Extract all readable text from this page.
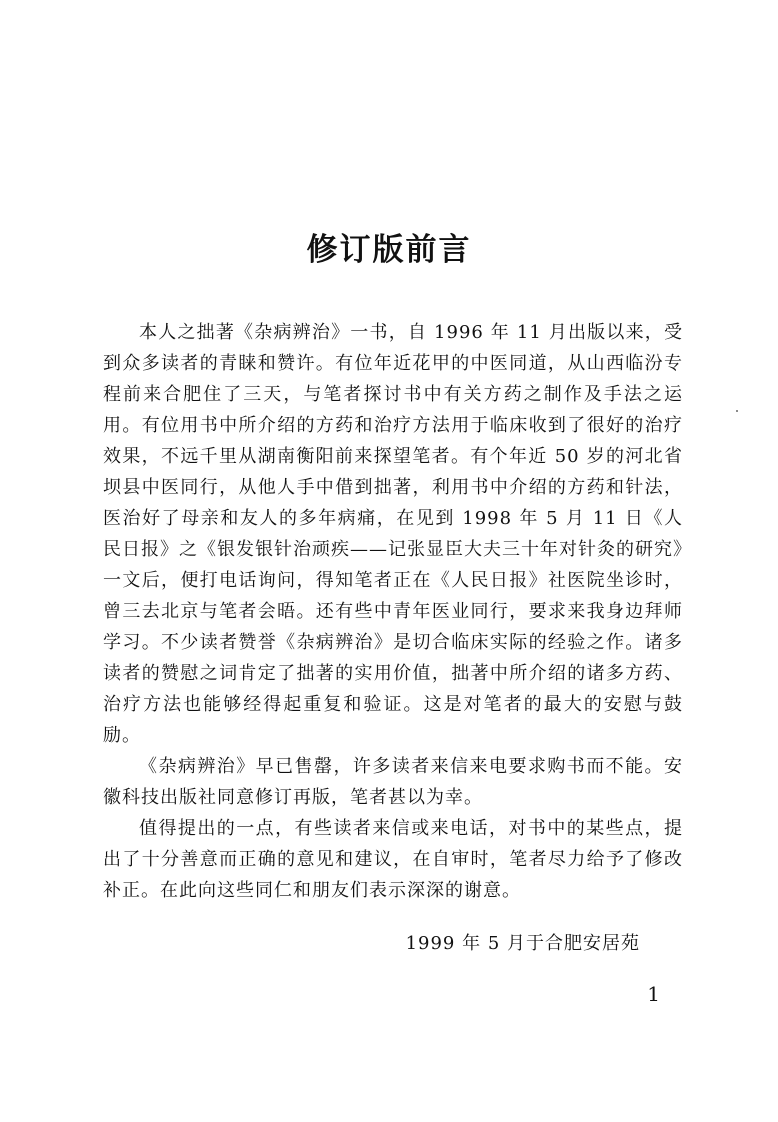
修订版前言

本人之拙著《杂病辨治》一书，自 1996 年 11 月出版以来，受到众多读者的青睐和赞许。有位年近花甲的中医同道，从山西临汾专程前来合肥住了三天，与笔者探讨书中有关方药之制作及手法之运用。有位用书中所介绍的方药和治疗方法用于临床收到了很好的治疗效果，不远千里从湖南衡阳前来探望笔者。有个年近 50 岁的河北省坝县中医同行，从他人手中借到拙著，利用书中介绍的方药和针法，医治好了母亲和友人的多年病痛，在见到 1998 年 5 月 11 日《人民日报》之《银发银针治顽疾——记张显臣大夫三十年对针灸的研究》一文后，便打电话询问，得知笔者正在《人民日报》社医院坐诊时，曾三去北京与笔者会晤。还有些中青年医业同行，要求来我身边拜师学习。不少读者赞誉《杂病辨治》是切合临床实际的经验之作。诸多读者的赞慰之词肯定了拙著的实用价值，拙著中所介绍的诸多方药、治疗方法也能够经得起重复和验证。这是对笔者的最大的安慰与鼓励。

《杂病辨治》早已售罄，许多读者来信来电要求购书而不能。安徽科技出版社同意修订再版，笔者甚以为幸。

值得提出的一点，有些读者来信或来电话，对书中的某些点，提出了十分善意而正确的意见和建议，在自审时，笔者尽力给予了修改补正。在此向这些同仁和朋友们表示深深的谢意。

1999 年 5 月于合肥安居苑

1
